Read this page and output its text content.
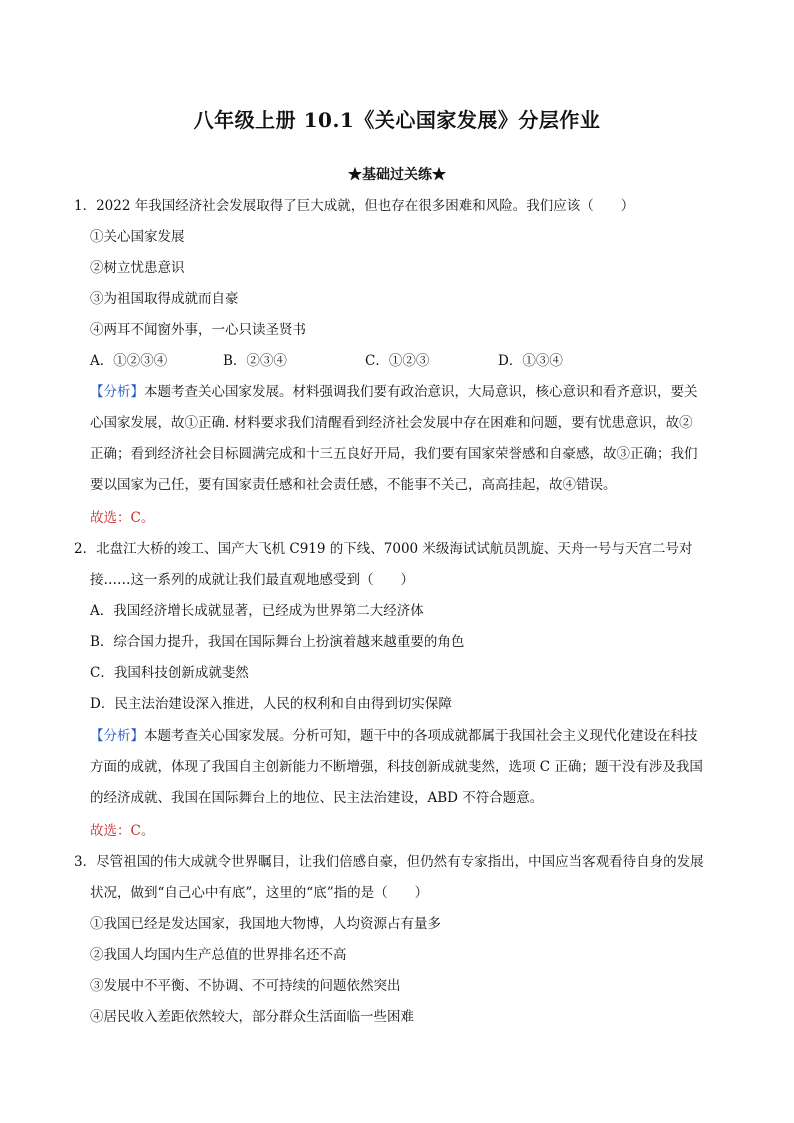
八年级上册 10.1《关心国家发展》分层作业
★基础过关练★
1．2022 年我国经济社会发展取得了巨大成就，但也存在很多困难和风险。我们应该（　　）
①关心国家发展
②树立忧患意识
③为祖国取得成就而自豪
④两耳不闻窗外事，一心只读圣贤书
A．①②③④	B．②③④	C．①②③	D．①③④
【分析】本题考查关心国家发展。材料强调我们要有政治意识，大局意识，核心意识和看齐意识，要关
心国家发展，故①正确. 材料要求我们清醒看到经济社会发展中存在困难和问题，要有忧患意识，故②
正确；看到经济社会目标圆满完成和十三五良好开局，我们要有国家荣誉感和自豪感，故③正确；我们
要以国家为己任，要有国家责任感和社会责任感，不能事不关己，高高挂起，故④错误。
故选：C。
2．北盘江大桥的竣工、国产大飞机 C919 的下线、7000 米级海试试航员凯旋、天舟一号与天宫二号对
接……这一系列的成就让我们最直观地感受到（　　）
A．我国经济增长成就显著，已经成为世界第二大经济体
B．综合国力提升，我国在国际舞台上扮演着越来越重要的角色
C．我国科技创新成就斐然
D．民主法治建设深入推进，人民的权利和自由得到切实保障
【分析】本题考查关心国家发展。分析可知，题干中的各项成就都属于我国社会主义现代化建设在科技
方面的成就，体现了我国自主创新能力不断增强，科技创新成就斐然，选项 C 正确；题干没有涉及我国
的经济成就、我国在国际舞台上的地位、民主法治建设，ABD 不符合题意。
故选：C。
3．尽管祖国的伟大成就令世界瞩目，让我们倍感自豪，但仍然有专家指出，中国应当客观看待自身的发展
状况，做到“自己心中有底”，这里的“底”指的是（　　）
①我国已经是发达国家，我国地大物博，人均资源占有量多
②我国人均国内生产总值的世界排名还不高
③发展中不平衡、不协调、不可持续的问题依然突出
④居民收入差距依然较大，部分群众生活面临一些困难
